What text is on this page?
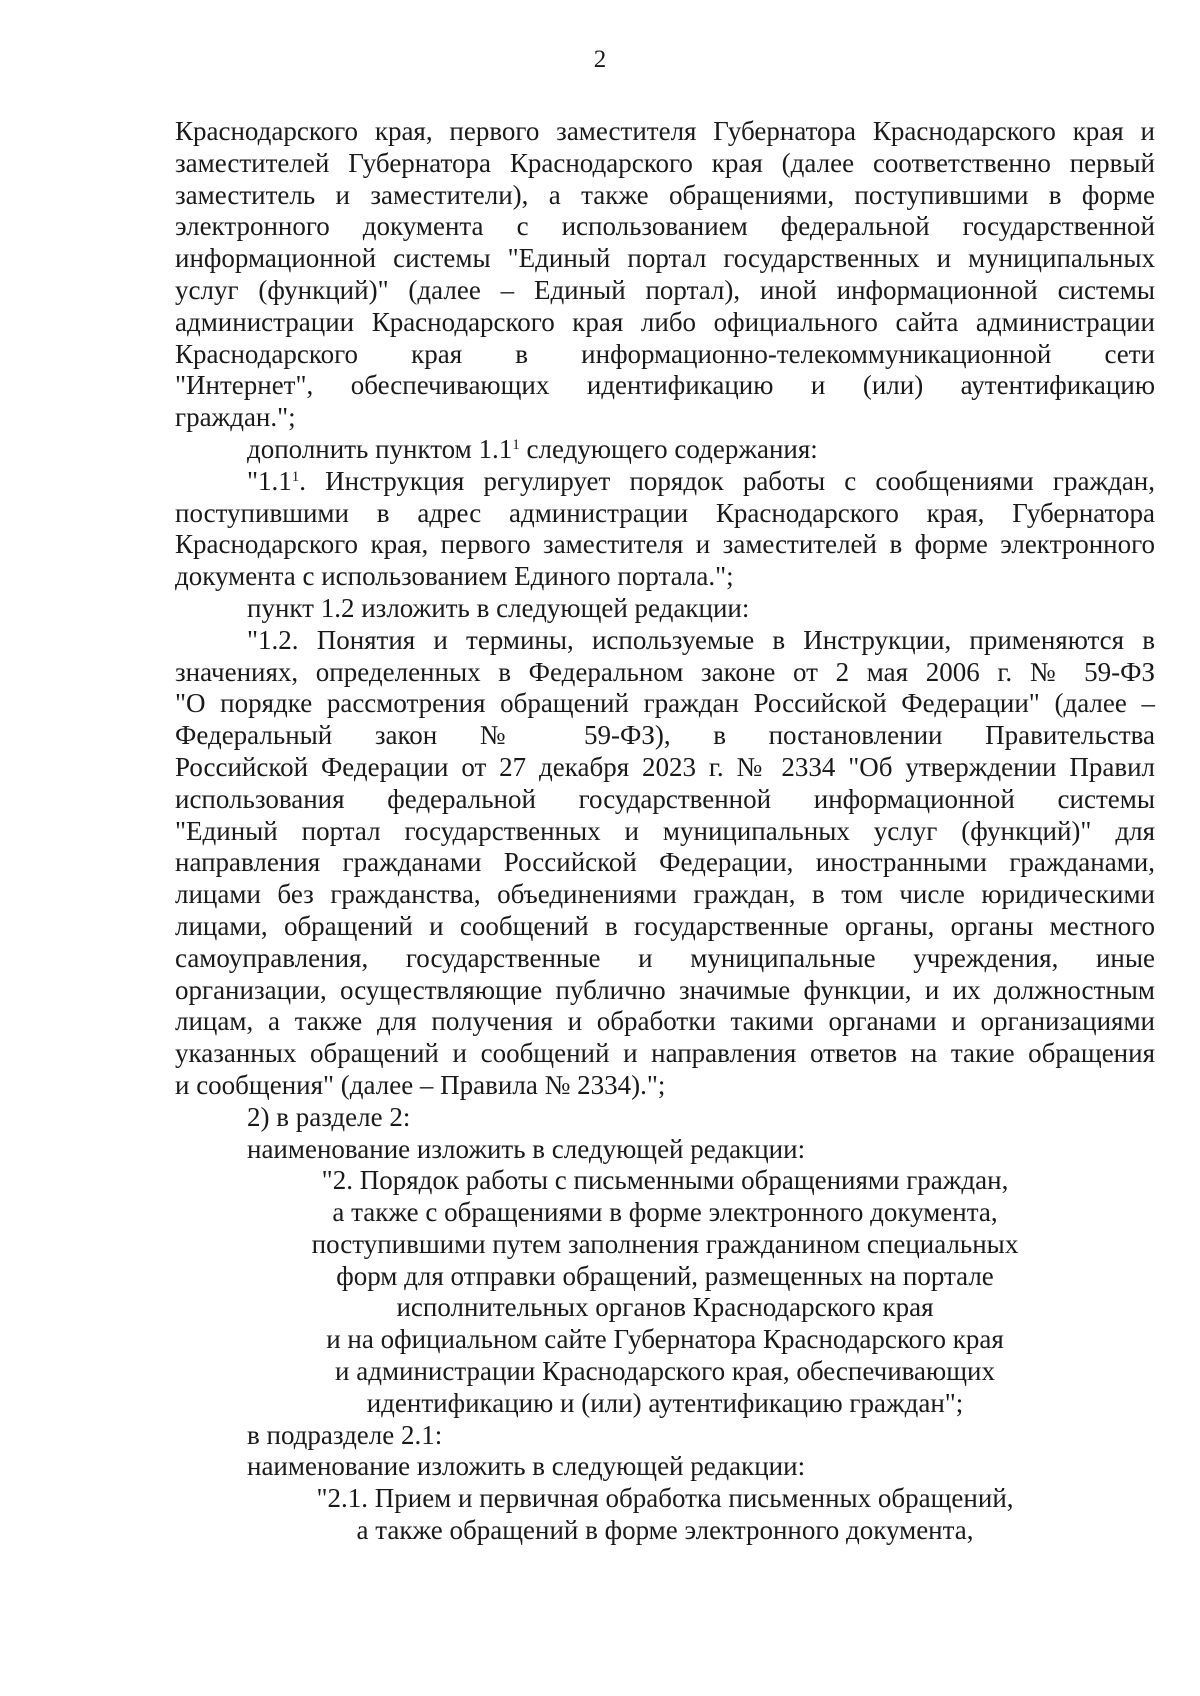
2
Краснодарского края, первого заместителя Губернатора Краснодарского края и
заместителей Губернатора Краснодарского края (далее соответственно первый
заместитель и заместители), а также обращениями, поступившими в форме
электронного документа с использованием федеральной государственной
информационной системы "Единый портал государственных и муниципальных
услуг (функций)" (далее – Единый портал), иной информационной системы
администрации Краснодарского края либо официального сайта администрации
Краснодарского края в информационно-телекоммуникационной сети
"Интернет", обеспечивающих идентификацию и (или) аутентификацию
граждан.";
дополнить пунктом $1.1^1$ следующего содержания:
"$1.1^1$. Инструкция регулирует порядок работы с сообщениями граждан,
поступившими в адрес администрации Краснодарского края, Губернатора
Краснодарского края, первого заместителя и заместителей в форме электронного
документа с использованием Единого портала.";
пункт 1.2 изложить в следующей редакции:
"1.2. Понятия и термины, используемые в Инструкции, применяются в
значениях, определенных в Федеральном законе от 2 мая 2006 г. № 59-ФЗ
"О порядке рассмотрения обращений граждан Российской Федерации" (далее –
Федеральный закон № 59-ФЗ), в постановлении Правительства
Российской Федерации от 27 декабря 2023 г. № 2334 "Об утверждении Правил
использования федеральной государственной информационной системы
"Единый портал государственных и муниципальных услуг (функций)" для
направления гражданами Российской Федерации, иностранными гражданами,
лицами без гражданства, объединениями граждан, в том числе юридическими
лицами, обращений и сообщений в государственные органы, органы местного
самоуправления, государственные и муниципальные учреждения, иные
организации, осуществляющие публично значимые функции, и их должностным
лицам, а также для получения и обработки такими органами и организациями
указанных обращений и сообщений и направления ответов на такие обращения
и сообщения" (далее – Правила № 2334).";
2) в разделе 2:
наименование изложить в следующей редакции:
"2. Порядок работы с письменными обращениями граждан,
а также с обращениями в форме электронного документа,
поступившими путем заполнения гражданином специальных
форм для отправки обращений, размещенных на портале
исполнительных органов Краснодарского края
и на официальном сайте Губернатора Краснодарского края
и администрации Краснодарского края, обеспечивающих
идентификацию и (или) аутентификацию граждан";
в подразделе 2.1:
наименование изложить в следующей редакции:
"2.1. Прием и первичная обработка письменных обращений,
а также обращений в форме электронного документа,
